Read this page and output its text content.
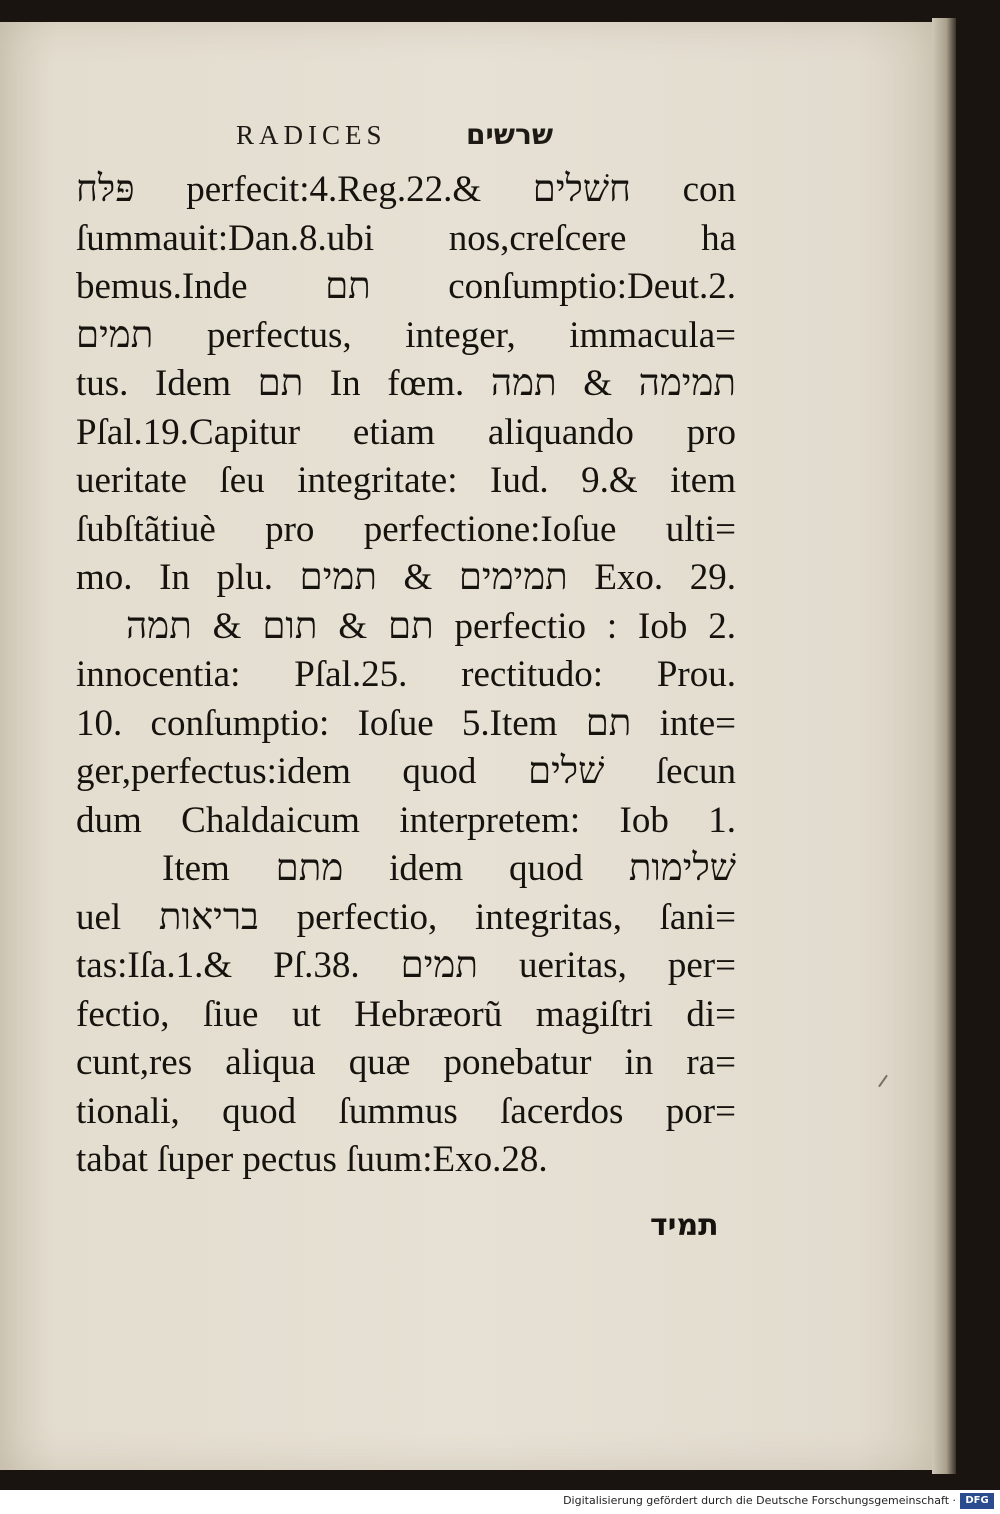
RADICES	שרשים
פּלּח perfecit:4.Reg.22.& חשׁלים con
ſummauit:Dan.8.ubi nos,creſcere ha
bemus.Inde תם conſumptio:Deut.2.
תמים perfectus, integer, immacula=
tus. Idem תם In fœm. תמימה & תמה
Pſal.19.Capitur etiam aliquando pro
ueritate ſeu integritate: Iud. 9.& item
ſubſtãtiuè pro perfectione:Ioſue ulti=
mo. In plu. תמימים & תמים Exo. 29.
תם & תום & תמה perfectio : Iob 2.
innocentia: Pſal.25. rectitudo: Prou.
10. conſumptio: Ioſue 5.Item תם inte=
ger,perfectus:idem quod שׁלים ſecun
dum Chaldaicum interpretem: Iob 1.
Item מתם idem quod שׁלימות
uel בריאות perfectio, integritas, ſani=
tas:Iſa.1.& Pſ.38. תמים ueritas, per=
fectio, ſiue ut Hebræorũ magiſtri di=
cunt,res aliqua quæ ponebatur in ra=
tionali, quod ſummus ſacerdos por=
tabat ſuper pectus ſuum:Exo.28.
תמיד
Digitalisierung gefördert durch die Deutsche Forschungsgemeinschaft · DFG
